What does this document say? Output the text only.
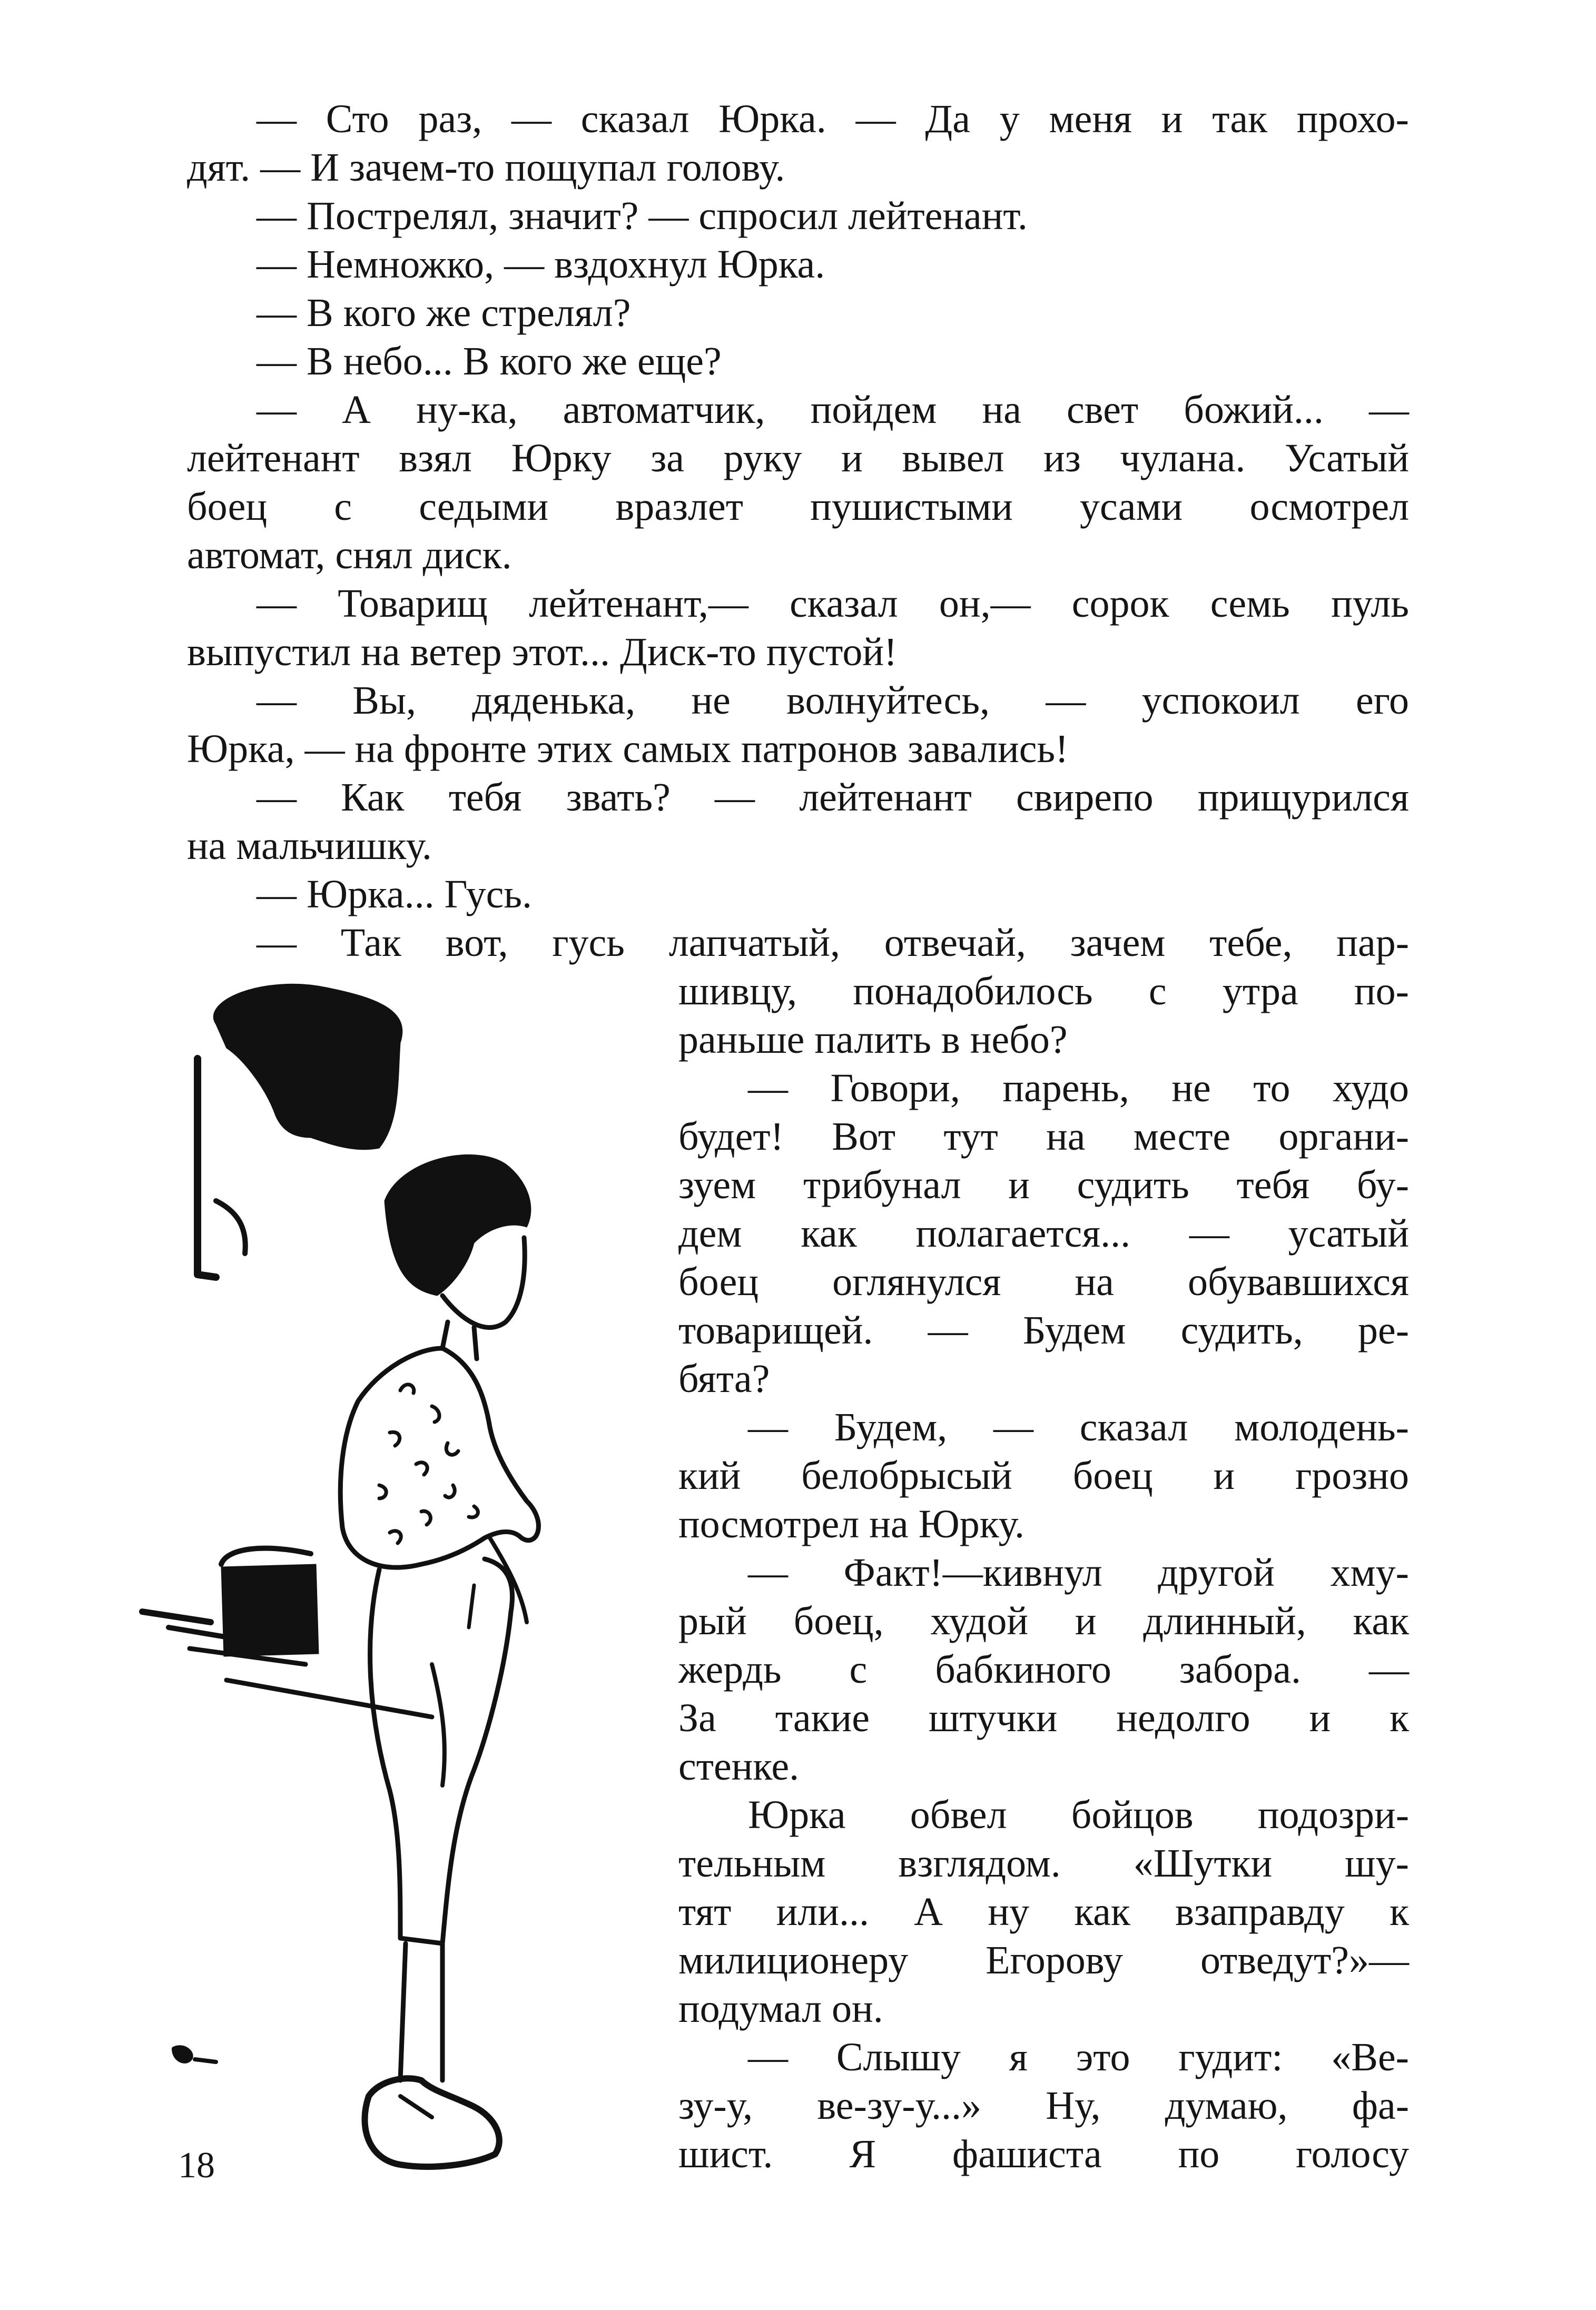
— Сто раз, — сказал Юрка. — Да у меня и так прохо-
дят. — И зачем-то пощупал голову.
— Пострелял, значит? — спросил лейтенант.
— Немножко, — вздохнул Юрка.
— В кого же стрелял?
— В небо... В кого же еще?
— А ну-ка, автоматчик, пойдем на свет божий... —
лейтенант взял Юрку за руку и вывел из чулана. Усатый
боец с седыми вразлет пушистыми усами осмотрел
автомат, снял диск.
— Товарищ лейтенант,— сказал он,— сорок семь пуль
выпустил на ветер этот... Диск-то пустой!
— Вы, дяденька, не волнуйтесь, — успокоил его
Юрка, — на фронте этих самых патронов завались!
— Как тебя звать? — лейтенант свирепо прищурился
на мальчишку.
— Юрка... Гусь.
— Так вот, гусь лапчатый, отвечай, зачем тебе, пар-
шивцу, понадобилось с утра по-
раньше палить в небо?
— Говори, парень, не то худо
будет! Вот тут на месте органи-
зуем трибунал и судить тебя бу-
дем как полагается... — усатый
боец оглянулся на обувавшихся
товарищей. — Будем судить, ре-
бята?
— Будем, — сказал молодень-
кий белобрысый боец и грозно
посмотрел на Юрку.
— Факт!—кивнул другой хму-
рый боец, худой и длинный, как
жердь с бабкиного забора. —
За такие штучки недолго и к
стенке.
Юрка обвел бойцов подозри-
тельным взглядом. «Шутки шу-
тят или... А ну как взаправду к
милиционеру Егорову отведут?»—
подумал он.
— Слышу я это гудит: «Ве-
зу-у, ве-зу-у...» Ну, думаю, фа-
шист. Я фашиста по голосу
18
